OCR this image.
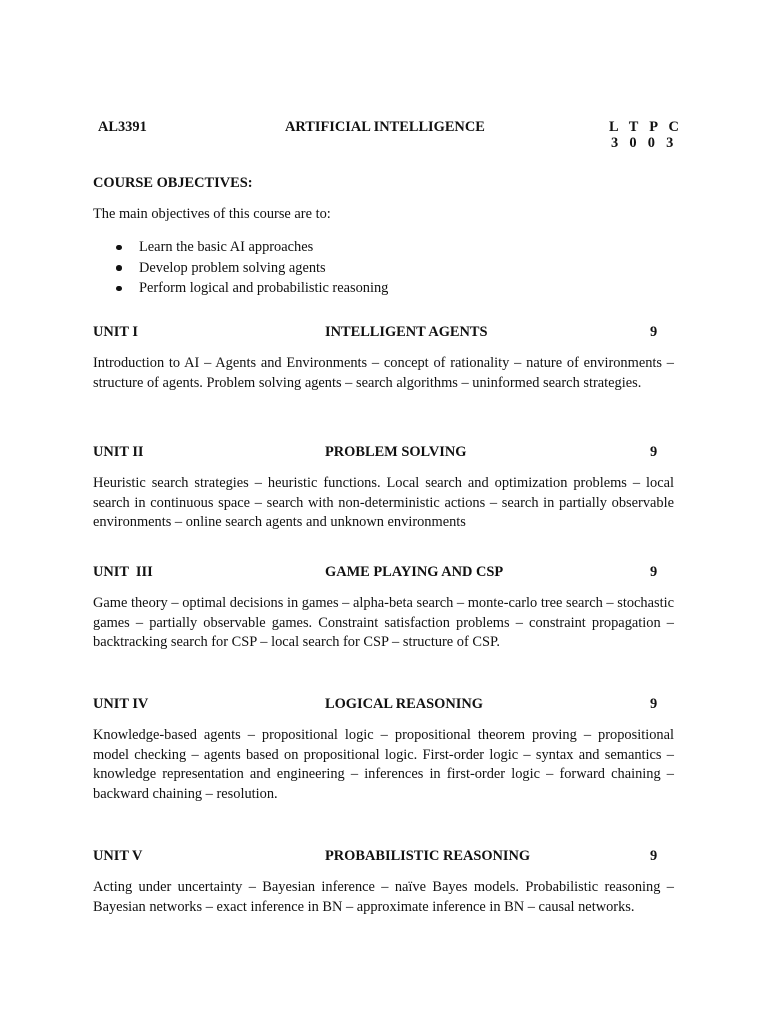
AL3391	ARTIFICIAL INTELLIGENCE	L T P C
3 0 0 3
COURSE OBJECTIVES:
The main objectives of this course are to:
Learn the basic AI approaches
Develop problem solving agents
Perform logical and probabilistic reasoning
UNIT I	INTELLIGENT AGENTS	9
Introduction to AI – Agents and Environments – concept of rationality – nature of environments – structure of agents. Problem solving agents – search algorithms – uninformed search strategies.
UNIT II	PROBLEM SOLVING	9
Heuristic search strategies – heuristic functions. Local search and optimization problems – local search in continuous space – search with non-deterministic actions – search in partially observable environments – online search agents and unknown environments
UNIT  III	GAME PLAYING AND CSP	9
Game theory – optimal decisions in games – alpha-beta search – monte-carlo tree search – stochastic games – partially observable games. Constraint satisfaction problems – constraint propagation – backtracking search for CSP – local search for CSP – structure of CSP.
UNIT IV	LOGICAL REASONING	9
Knowledge-based agents – propositional logic – propositional theorem proving – propositional model checking – agents based on propositional logic. First-order logic – syntax and semantics – knowledge representation and engineering – inferences in first-order logic – forward chaining – backward chaining – resolution.
UNIT V	PROBABILISTIC REASONING	9
Acting under uncertainty – Bayesian inference – naïve Bayes models. Probabilistic reasoning – Bayesian networks – exact inference in BN – approximate inference in BN – causal networks.
